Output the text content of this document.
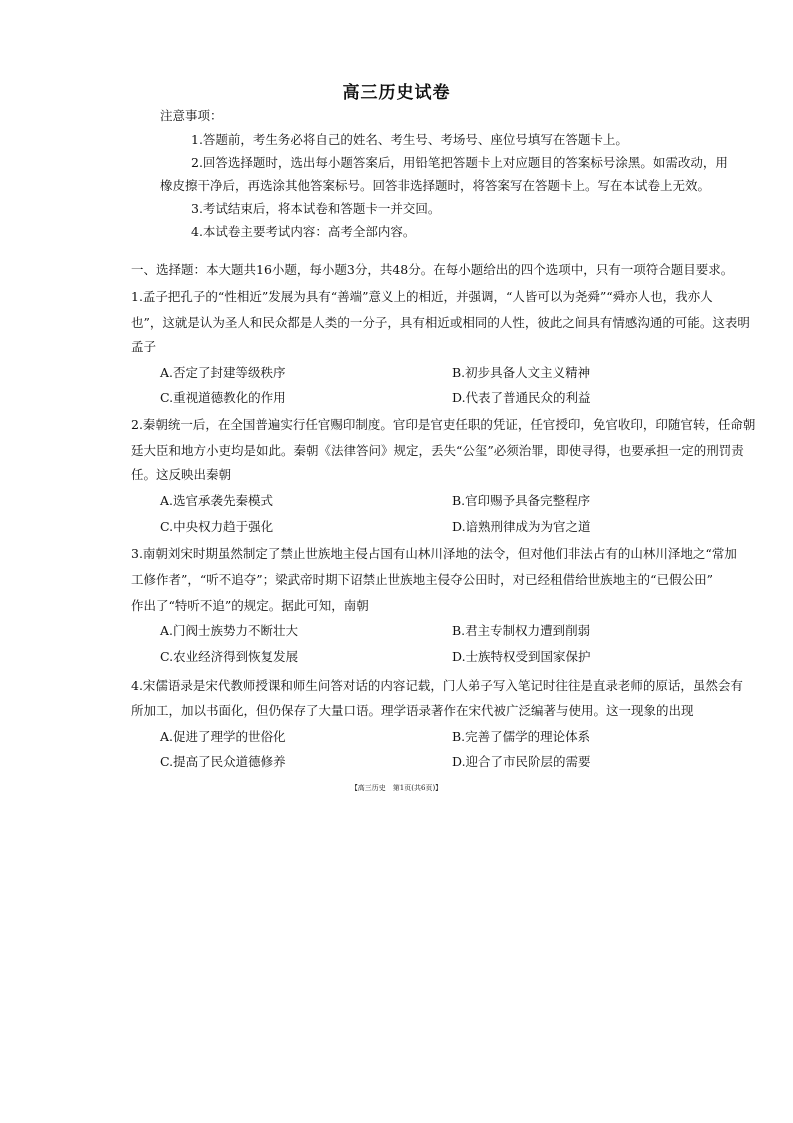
高三历史试卷
注意事项：
1.答题前，考生务必将自己的姓名、考生号、考场号、座位号填写在答题卡上。
2.回答选择题时，选出每小题答案后，用铅笔把答题卡上对应题目的答案标号涂黑。如需改动，用
橡皮擦干净后，再选涂其他答案标号。回答非选择题时，将答案写在答题卡上。写在本试卷上无效。
3.考试结束后，将本试卷和答题卡一并交回。
4.本试卷主要考试内容：高考全部内容。
一、选择题：本大题共16小题，每小题3分，共48分。在每小题给出的四个选项中，只有一项符合题目要求。
1.孟子把孔子的“性相近”发展为具有“善端”意义上的相近，并强调，“人皆可以为尧舜”“舜亦人也，我亦人
也”，这就是认为圣人和民众都是人类的一分子，具有相近或相同的人性，彼此之间具有情感沟通的可能。这表明
孟子
A.否定了封建等级秩序	B.初步具备人文主义精神
C.重视道德教化的作用	D.代表了普通民众的利益
2.秦朝统一后，在全国普遍实行任官赐印制度。官印是官吏任职的凭证，任官授印，免官收印，印随官转，任命朝
廷大臣和地方小吏均是如此。秦朝《法律答问》规定，丢失“公玺”必须治罪，即使寻得，也要承担一定的刑罚责
任。这反映出秦朝
A.选官承袭先秦模式	B.官印赐予具备完整程序
C.中央权力趋于强化	D.谙熟刑律成为为官之道
3.南朝刘宋时期虽然制定了禁止世族地主侵占国有山林川泽地的法令，但对他们非法占有的山林川泽地之“常加
工修作者”，“听不追夺”；梁武帝时期下诏禁止世族地主侵夺公田时，对已经租借给世族地主的“已假公田”
作出了“特听不追”的规定。据此可知，南朝
A.门阀士族势力不断壮大	B.君主专制权力遭到削弱
C.农业经济得到恢复发展	D.士族特权受到国家保护
4.宋儒语录是宋代教师授课和师生问答对话的内容记载，门人弟子写入笔记时往往是直录老师的原话，虽然会有
所加工，加以书面化，但仍保存了大量口语。理学语录著作在宋代被广泛编著与使用。这一现象的出现
A.促进了理学的世俗化	B.完善了儒学的理论体系
C.提高了民众道德修养	D.迎合了市民阶层的需要
【高三历史　第1页(共6页)】
